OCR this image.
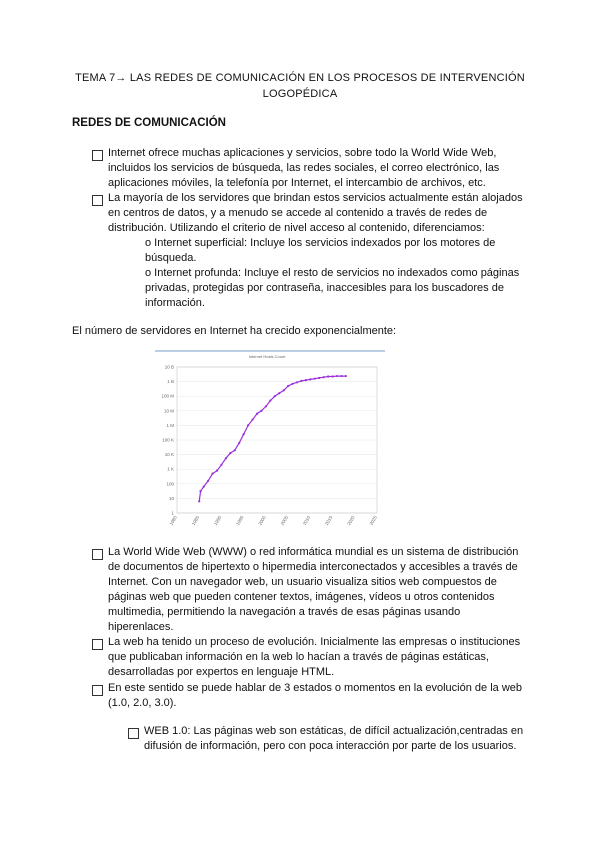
TEMA 7→ LAS REDES DE COMUNICACIÓN EN LOS PROCESOS DE INTERVENCIÓN
LOGOPÉDICA
REDES DE COMUNICACIÓN
Internet ofrece muchas aplicaciones y servicios, sobre todo la World Wide Web,
incluidos los servicios de búsqueda, las redes sociales, el correo electrónico, las
aplicaciones móviles, la telefonía por Internet, el intercambio de archivos, etc.
La mayoría de los servidores que brindan estos servicios actualmente están alojados
en centros de datos, y a menudo se accede al contenido a través de redes de
distribución. Utilizando el criterio de nivel acceso al contenido, diferenciamos:
o Internet superficial: Incluye los servicios indexados por los motores de
búsqueda.
o Internet profunda: Incluye el resto de servicios no indexados como páginas
privadas, protegidas por contraseña, inaccesibles para los buscadores de
información.
El número de servidores en Internet ha crecido exponencialmente:
Internet Hosts Count
1
10
100
1 K
10 K
100 K
1 M
10 M
100 M
1 B
10 B
1980	1985	1990	1995	2000	2005	2010	2015	2020	2025
La World Wide Web (WWW) o red informática mundial es un sistema de distribución
de documentos de hipertexto o hipermedia interconectados y accesibles a través de
Internet. Con un navegador web, un usuario visualiza sitios web compuestos de
páginas web que pueden contener textos, imágenes, vídeos u otros contenidos
multimedia, permitiendo la navegación a través de esas páginas usando
hiperenlaces.
La web ha tenido un proceso de evolución. Inicialmente las empresas o instituciones
que publicaban información en la web lo hacían a través de páginas estáticas,
desarrolladas por expertos en lenguaje HTML.
En este sentido se puede hablar de 3 estados o momentos en la evolución de la web
(1.0, 2.0, 3.0).
WEB 1.0: Las páginas web son estáticas, de difícil actualización,centradas en
difusión de información, pero con poca interacción por parte de los usuarios.
